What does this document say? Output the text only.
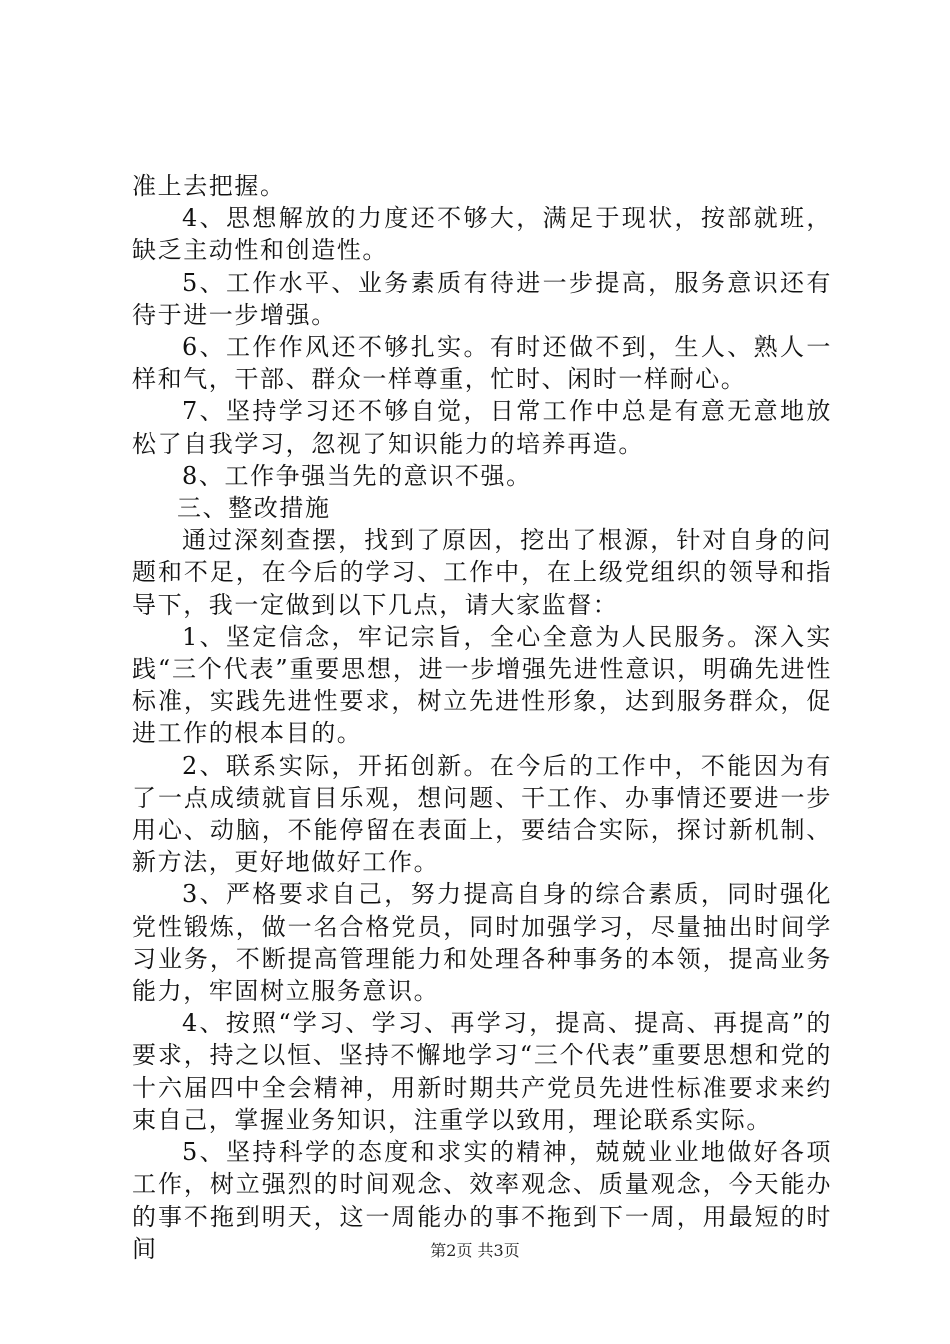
准上去把握。

4、思想解放的力度还不够大，满足于现状，按部就班，缺乏主动性和创造性。

5、工作水平、业务素质有待进一步提高，服务意识还有待于进一步增强。

6、工作作风还不够扎实。有时还做不到，生人、熟人一样和气，干部、群众一样尊重，忙时、闲时一样耐心。

7、坚持学习还不够自觉，日常工作中总是有意无意地放松了自我学习，忽视了知识能力的培养再造。

8、工作争强当先的意识不强。

三、整改措施

通过深刻查摆，找到了原因，挖出了根源，针对自身的问题和不足，在今后的学习、工作中，在上级党组织的领导和指导下，我一定做到以下几点，请大家监督：

1、坚定信念，牢记宗旨，全心全意为人民服务。深入实践“三个代表”重要思想，进一步增强先进性意识，明确先进性标准，实践先进性要求，树立先进性形象，达到服务群众，促进工作的根本目的。

2、联系实际，开拓创新。在今后的工作中，不能因为有了一点成绩就盲目乐观，想问题、干工作、办事情还要进一步用心、动脑，不能停留在表面上，要结合实际，探讨新机制、新方法，更好地做好工作。

3、严格要求自己，努力提高自身的综合素质，同时强化党性锻炼，做一名合格党员，同时加强学习，尽量抽出时间学习业务，不断提高管理能力和处理各种事务的本领，提高业务能力，牢固树立服务意识。

4、按照“学习、学习、再学习，提高、提高、再提高”的要求，持之以恒、坚持不懈地学习“三个代表”重要思想和党的十六届四中全会精神，用新时期共产党员先进性标准要求来约束自己，掌握业务知识，注重学以致用，理论联系实际。

5、坚持科学的态度和求实的精神，兢兢业业地做好各项工作，树立强烈的时间观念、效率观念、质量观念，今天能办的事不拖到明天，这一周能办的事不拖到下一周，用最短的时间	第2页 共3页
